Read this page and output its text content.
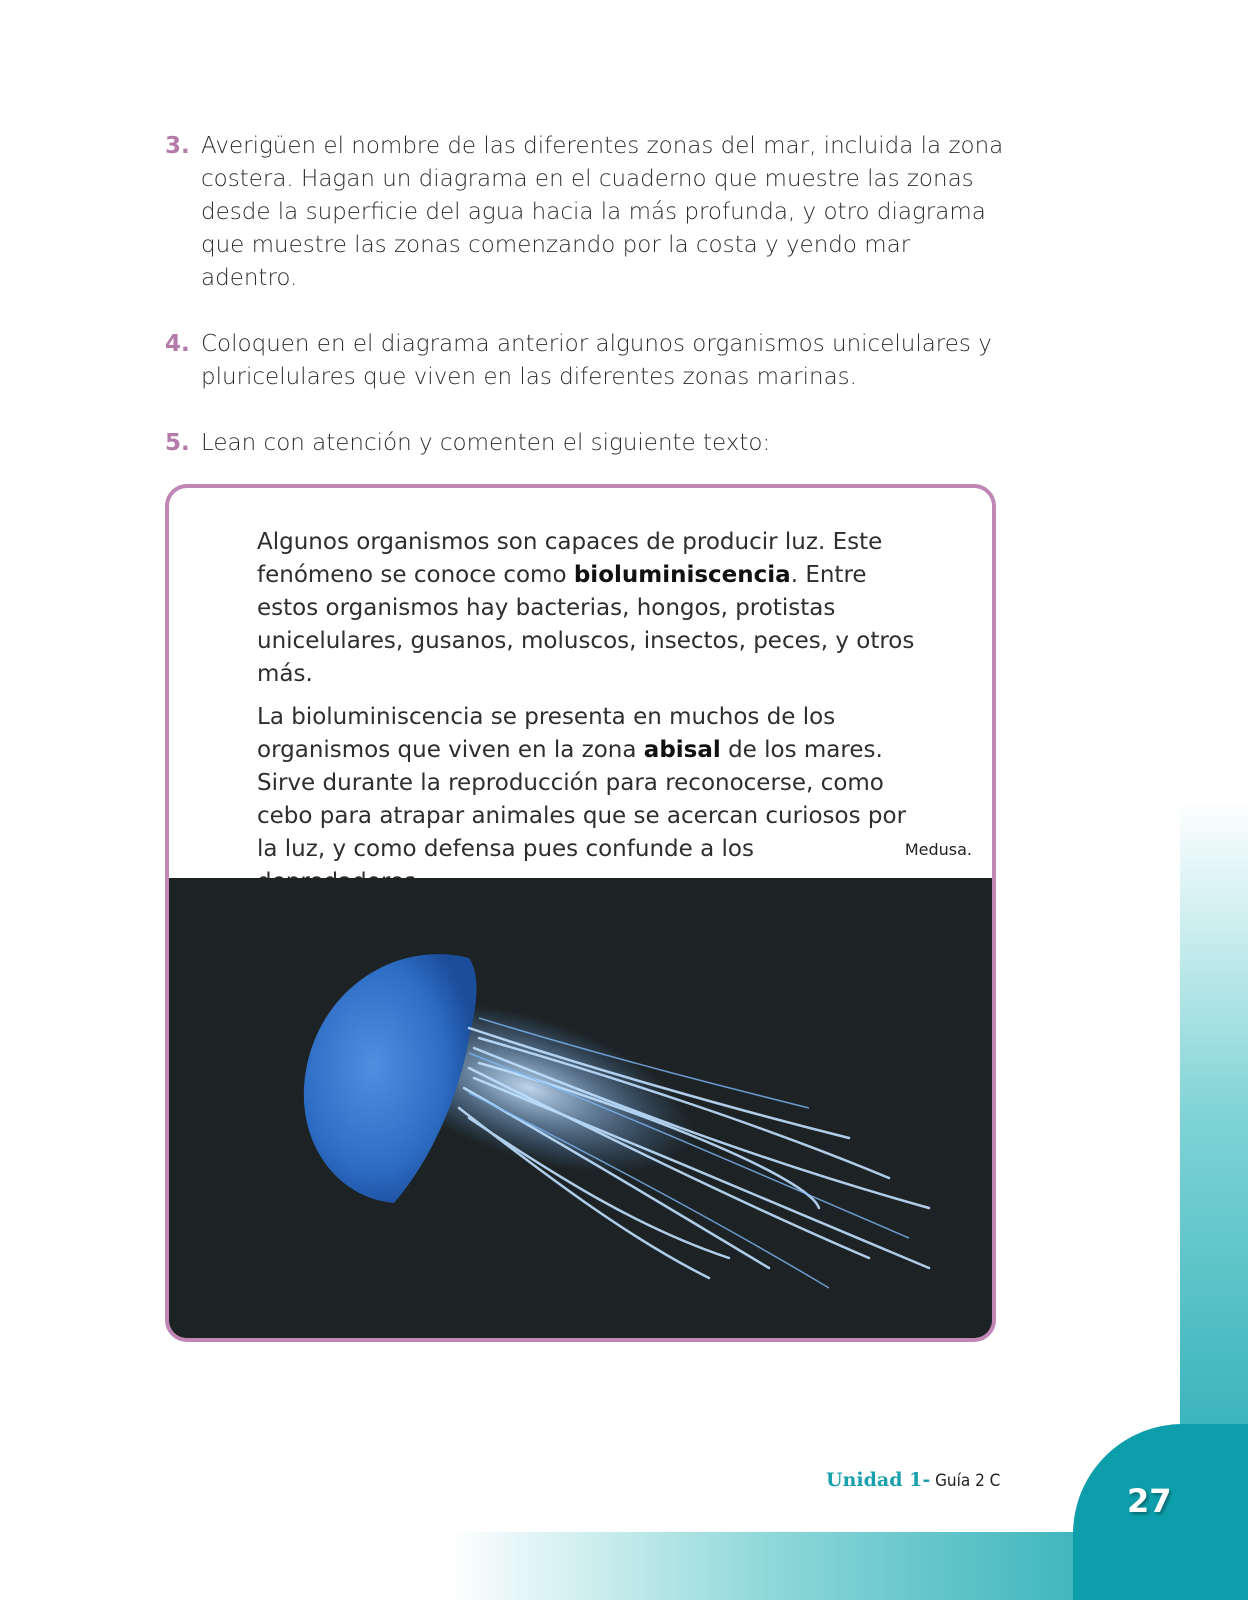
3. Averigüen el nombre de las diferentes zonas del mar, incluida la zona costera. Hagan un diagrama en el cuaderno que muestre las zonas desde la superficie del agua hacia la más profunda, y otro diagrama que muestre las zonas comenzando por la costa y yendo mar adentro.
4. Coloquen en el diagrama anterior algunos organismos unicelulares y pluricelulares que viven en las diferentes zonas marinas.
5. Lean con atención y comenten el siguiente texto:

Algunos organismos son capaces de producir luz. Este fenómeno se conoce como bioluminiscencia. Entre estos organismos hay bacterias, hongos, protistas unicelulares, gusanos, moluscos, insectos, peces, y otros más.

La bioluminiscencia se presenta en muchos de los organismos que viven en la zona abisal de los mares. Sirve durante la reproducción para reconocerse, como cebo para atrapar animales que se acercan curiosos por la luz, y como defensa pues confunde a los	Medusa.
27
Unidad 1- Guía 2 C
